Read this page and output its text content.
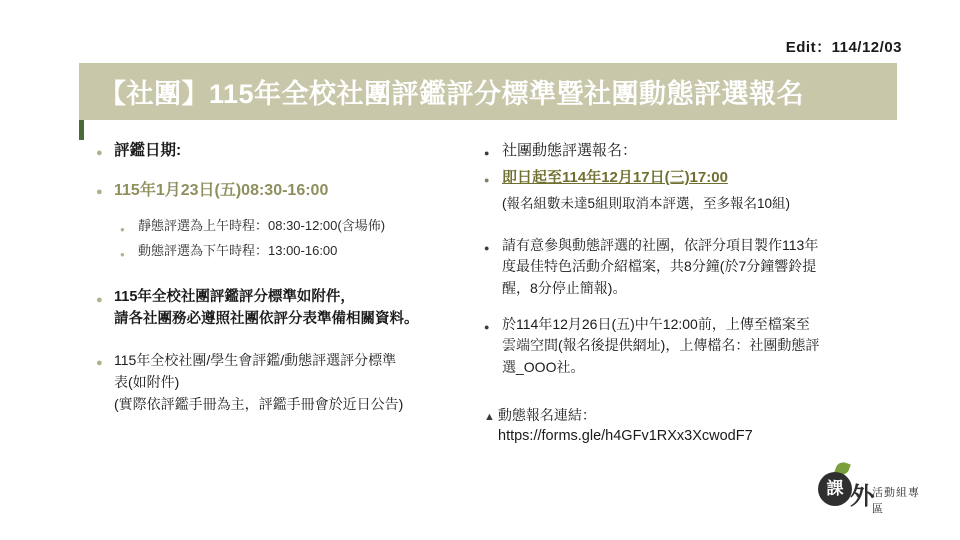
Edit：114/12/03
【社團】115年全校社團評鑑評分標準暨社團動態評選報名
●
評鑑日期:
●
115年1月23日(五)08:30-16:00
●
靜態評選為上午時程：08:30-12:00(含場佈)
●
動態評選為下午時程：13:00-16:00
●
115年全校社團評鑑評分標準如附件，
請各社團務必遵照社團依評分表準備相關資料。
●
115年全校社團/學生會評鑑/動態評選評分標準
表(如附件)
(實際依評鑑手冊為主，評鑑手冊會於近日公告)
●
社團動態評選報名：
●
即日起至114年12月17日(三)17:00
(報名組數未達5組則取消本評選，至多報名10組)
●
請有意參與動態評選的社團，依評分項目製作113年
度最佳特色活動介紹檔案，共8分鐘(於7分鐘響鈴提
醒，8分停止簡報)。
●
於114年12月26日(五)中午12:00前，上傳至檔案至
雲端空間(報名後提供網址)，上傳檔名：社團動態評
選_OOO社。
▲ 動態報名連結：
https://forms.gle/h4GFv1RXx3XcwodF7
課 外
活動組專區
